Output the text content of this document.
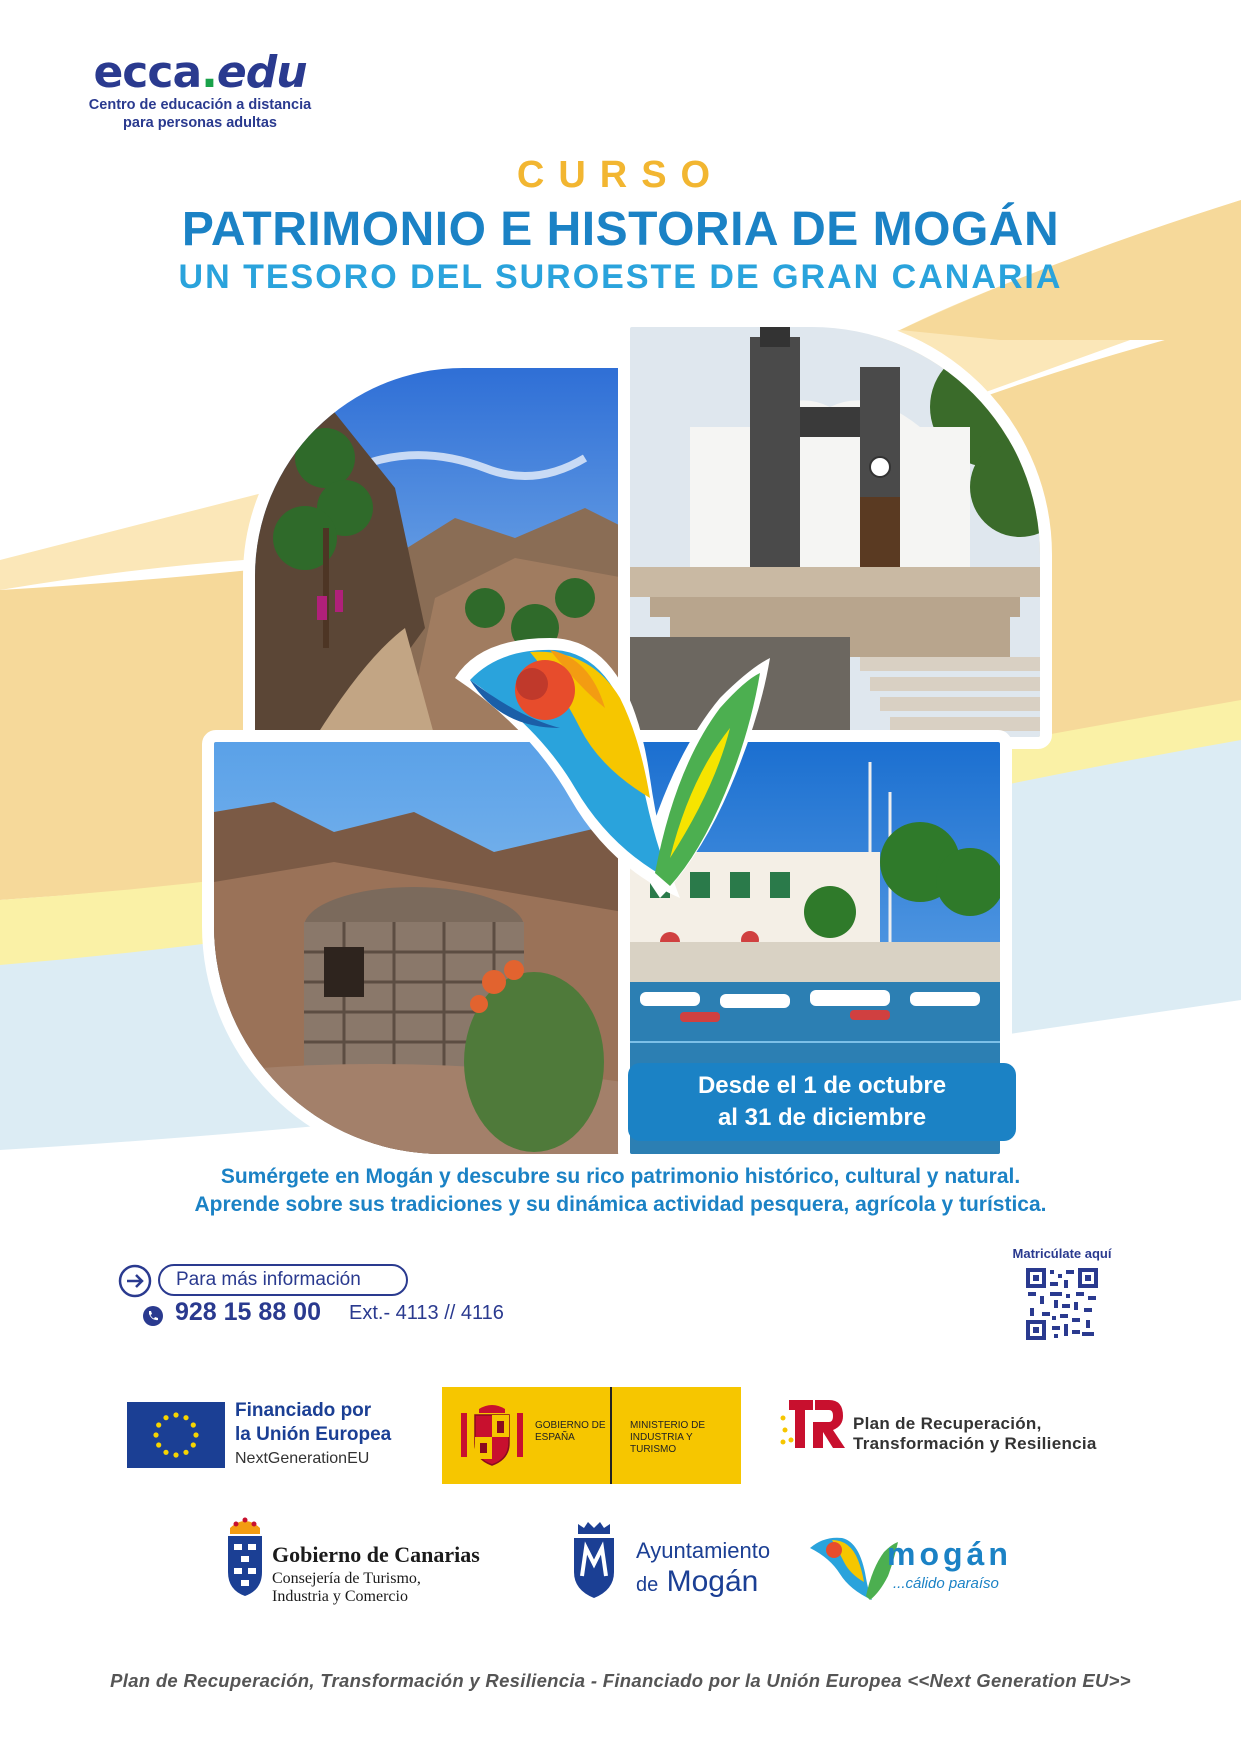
ecca.edu
Centro de educación a distancia
para personas adultas
CURSO
PATRIMONIO E HISTORIA DE MOGÁN
UN TESORO DEL SUROESTE DE GRAN CANARIA
Desde el 1 de octubre
al 31 de diciembre
Sumérgete en Mogán y descubre su rico patrimonio histórico, cultural y natural.
Aprende sobre sus tradiciones y su dinámica actividad pesquera, agrícola y turística.
Para más información
928 15 88 00 Ext.- 4113 // 4116
Matricúlate aquí
Financiado por
la Unión Europea
NextGenerationEU
GOBIERNO DE ESPAÑA
MINISTERIO DE INDUSTRIA Y TURISMO
Plan de Recuperación,
Transformación y Resiliencia
Gobierno de Canarias
Consejería de Turismo,
Industria y Comercio
Ayuntamiento
de Mogán
mogán
...cálido paraíso
Plan de Recuperación, Transformación y Resiliencia - Financiado por la Unión Europea <<Next Generation EU>>
